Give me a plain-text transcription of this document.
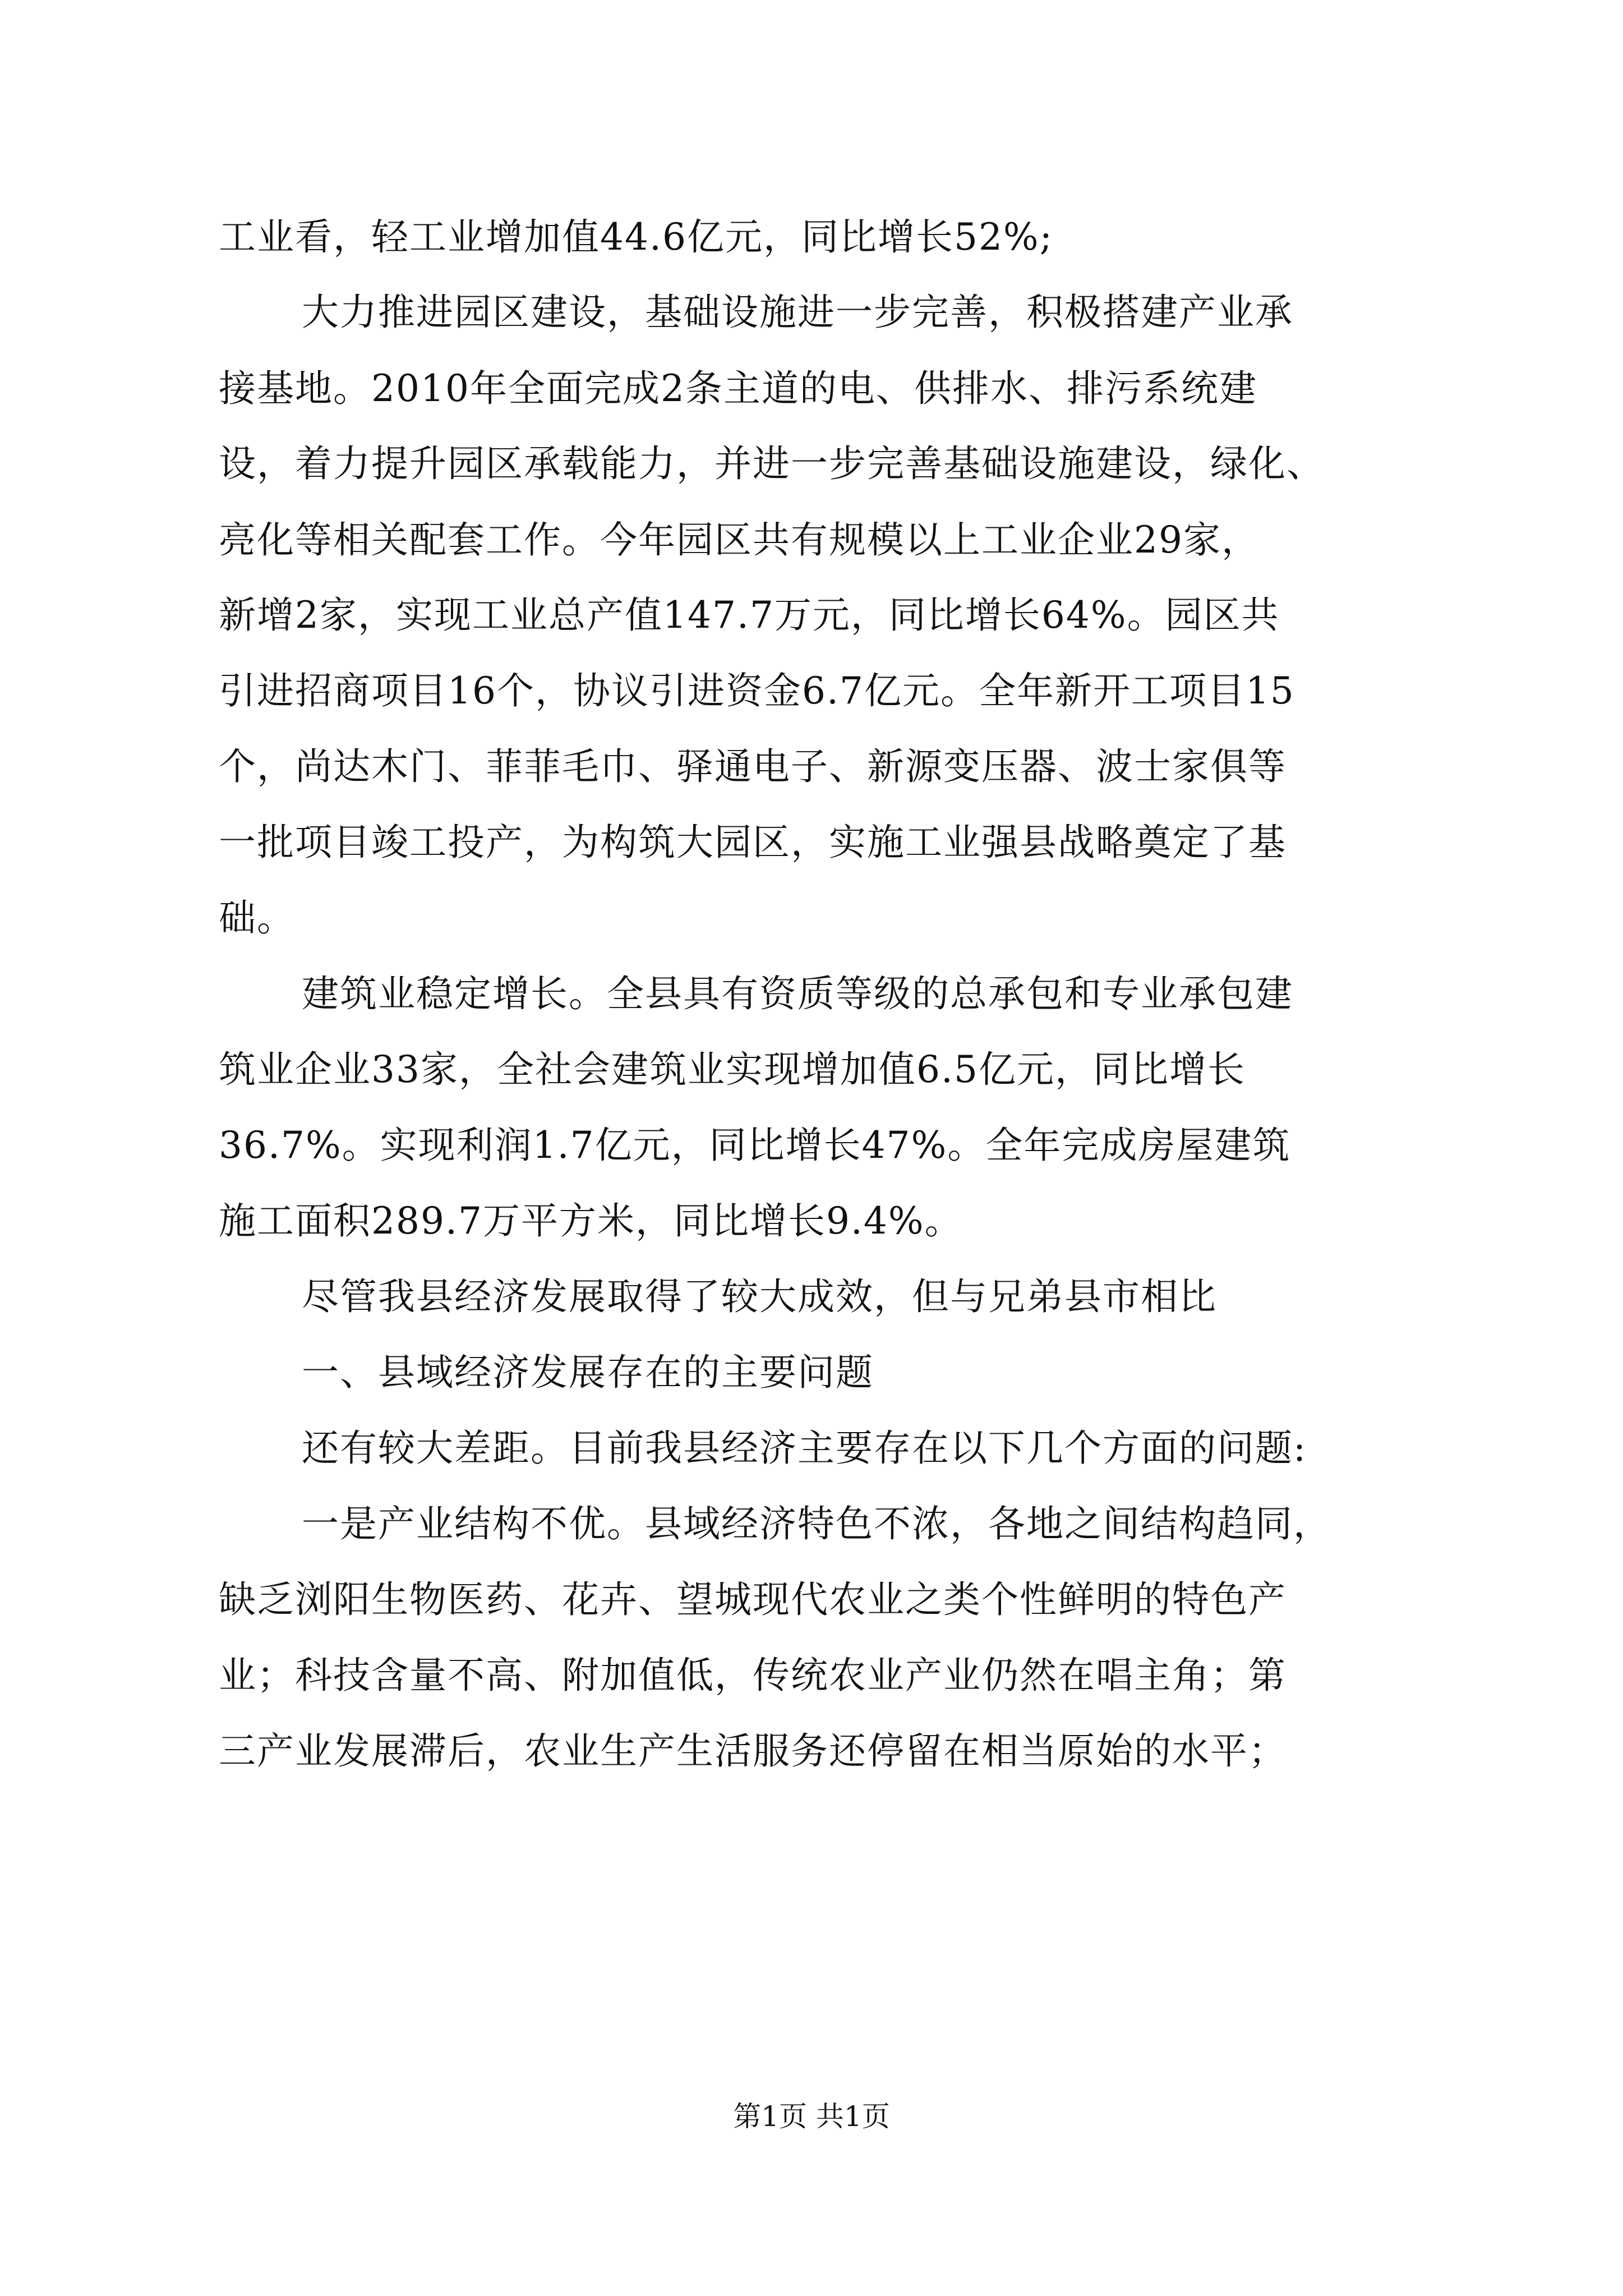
工业看，轻工业增加值44.6亿元，同比增长52%;
大力推进园区建设，基础设施进一步完善，积极搭建产业承
接基地。2010年全面完成2条主道的电、供排水、排污系统建
设，着力提升园区承载能力，并进一步完善基础设施建设，绿化、
亮化等相关配套工作。今年园区共有规模以上工业企业29家，
新增2家，实现工业总产值147.7万元，同比增长64%。园区共
引进招商项目16个，协议引进资金6.7亿元。全年新开工项目15
个，尚达木门、菲菲毛巾、驿通电子、新源变压器、波士家俱等
一批项目竣工投产，为构筑大园区，实施工业强县战略奠定了基
础。
建筑业稳定增长。全县具有资质等级的总承包和专业承包建
筑业企业33家，全社会建筑业实现增加值6.5亿元，同比增长
36.7%。实现利润1.7亿元，同比增长47%。全年完成房屋建筑
施工面积289.7万平方米，同比增长9.4%。
尽管我县经济发展取得了较大成效，但与兄弟县市相比
一、县域经济发展存在的主要问题
还有较大差距。目前我县经济主要存在以下几个方面的问题:
一是产业结构不优。县域经济特色不浓，各地之间结构趋同，
缺乏浏阳生物医药、花卉、望城现代农业之类个性鲜明的特色产
业；科技含量不高、附加值低，传统农业产业仍然在唱主角；第
三产业发展滞后，农业生产生活服务还停留在相当原始的水平；
第1页 共1页
